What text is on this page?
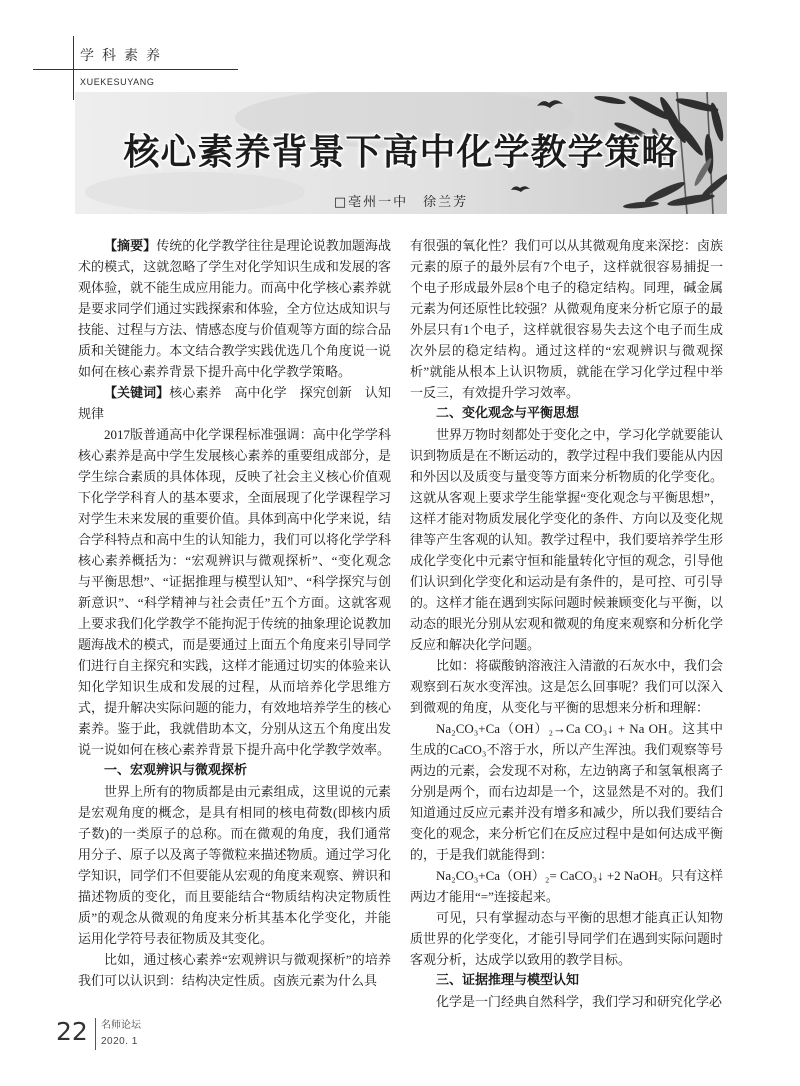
学科素养
XUEKESUYANG
核心素养背景下高中化学教学策略
□亳州一中　徐兰芳

【摘要】传统的化学教学往往是理论说教加题海战术的模式，这就忽略了学生对化学知识生成和发展的客观体验，就不能生成应用能力。而高中化学核心素养就是要求同学们通过实践探索和体验，全方位达成知识与技能、过程与方法、情感态度与价值观等方面的综合品质和关键能力。本文结合教学实践优选几个角度说一说如何在核心素养背景下提升高中化学教学策略。

【关键词】核心素养　高中化学　探究创新　认知规律

2017版普通高中化学课程标准强调：高中化学学科核心素养是高中学生发展核心素养的重要组成部分，是学生综合素质的具体体现，反映了社会主义核心价值观下化学学科育人的基本要求，全面展现了化学课程学习对学生未来发展的重要价值。具体到高中化学来说，结合学科特点和高中生的认知能力，我们可以将化学学科核心素养概括为：“宏观辨识与微观探析”、“变化观念与平衡思想”、“证据推理与模型认知”、“科学探究与创新意识”、“科学精神与社会责任”五个方面。这就客观上要求我们化学教学不能拘泥于传统的抽象理论说教加题海战术的模式，而是要通过上面五个角度来引导同学们进行自主探究和实践，这样才能通过切实的体验来认知化学知识生成和发展的过程，从而培养化学思维方式，提升解决实际问题的能力，有效地培养学生的核心素养。鉴于此，我就借助本文，分别从这五个角度出发说一说如何在核心素养背景下提升高中化学教学效率。

一、宏观辨识与微观探析

世界上所有的物质都是由元素组成，这里说的元素是宏观角度的概念，是具有相同的核电荷数(即核内质子数)的一类原子的总称。而在微观的角度，我们通常用分子、原子以及离子等微粒来描述物质。通过学习化学知识，同学们不但要能从宏观的角度来观察、辨识和描述物质的变化，而且要能结合“物质结构决定物质性质”的观念从微观的角度来分析其基本化学变化，并能运用化学符号表征物质及其变化。

比如，通过核心素养“宏观辨识与微观探析”的培养我们可以认识到：结构决定性质。卤族元素为什么具

有很强的氧化性？我们可以从其微观角度来深挖：卤族元素的原子的最外层有7个电子，这样就很容易捕捉一个电子形成最外层8个电子的稳定结构。同理，碱金属元素为何还原性比较强？从微观角度来分析它原子的最外层只有1个电子，这样就很容易失去这个电子而生成次外层的稳定结构。通过这样的“宏观辨识与微观探析”就能从根本上认识物质，就能在学习化学过程中举一反三，有效提升学习效率。

二、变化观念与平衡思想

世界万物时刻都处于变化之中，学习化学就要能认识到物质是在不断运动的，教学过程中我们要能从内因和外因以及质变与量变等方面来分析物质的化学变化。这就从客观上要求学生能掌握“变化观念与平衡思想”，这样才能对物质发展化学变化的条件、方向以及变化规律等产生客观的认知。教学过程中，我们要培养学生形成化学变化中元素守恒和能量转化守恒的观念，引导他们认识到化学变化和运动是有条件的，是可控、可引导的。这样才能在遇到实际问题时候兼顾变化与平衡，以动态的眼光分别从宏观和微观的角度来观察和分析化学反应和解决化学问题。

比如：将碳酸钠溶液注入清澈的石灰水中，我们会观察到石灰水变浑浊。这是怎么回事呢？我们可以深入到微观的角度，从变化与平衡的思想来分析和理解：

Na₂CO₃+Ca（OH）₂→Ca CO₃↓ + Na OH。这其中生成的CaCO₃不溶于水，所以产生浑浊。我们观察等号两边的元素，会发现不对称，左边钠离子和氢氧根离子分别是两个，而右边却是一个，这显然是不对的。我们知道通过反应元素并没有增多和减少，所以我们要结合变化的观念，来分析它们在反应过程中是如何达成平衡的，于是我们就能得到：

Na₂CO₃+Ca（OH）₂= CaCO₃↓ +2 NaOH。只有这样两边才能用“=”连接起来。

可见，只有掌握动态与平衡的思想才能真正认知物质世界的化学变化，才能引导同学们在遇到实际问题时客观分析，达成学以致用的教学目标。

三、证据推理与模型认知

化学是一门经典自然科学，我们学习和研究化学必

22 名师论坛
2020. 1
